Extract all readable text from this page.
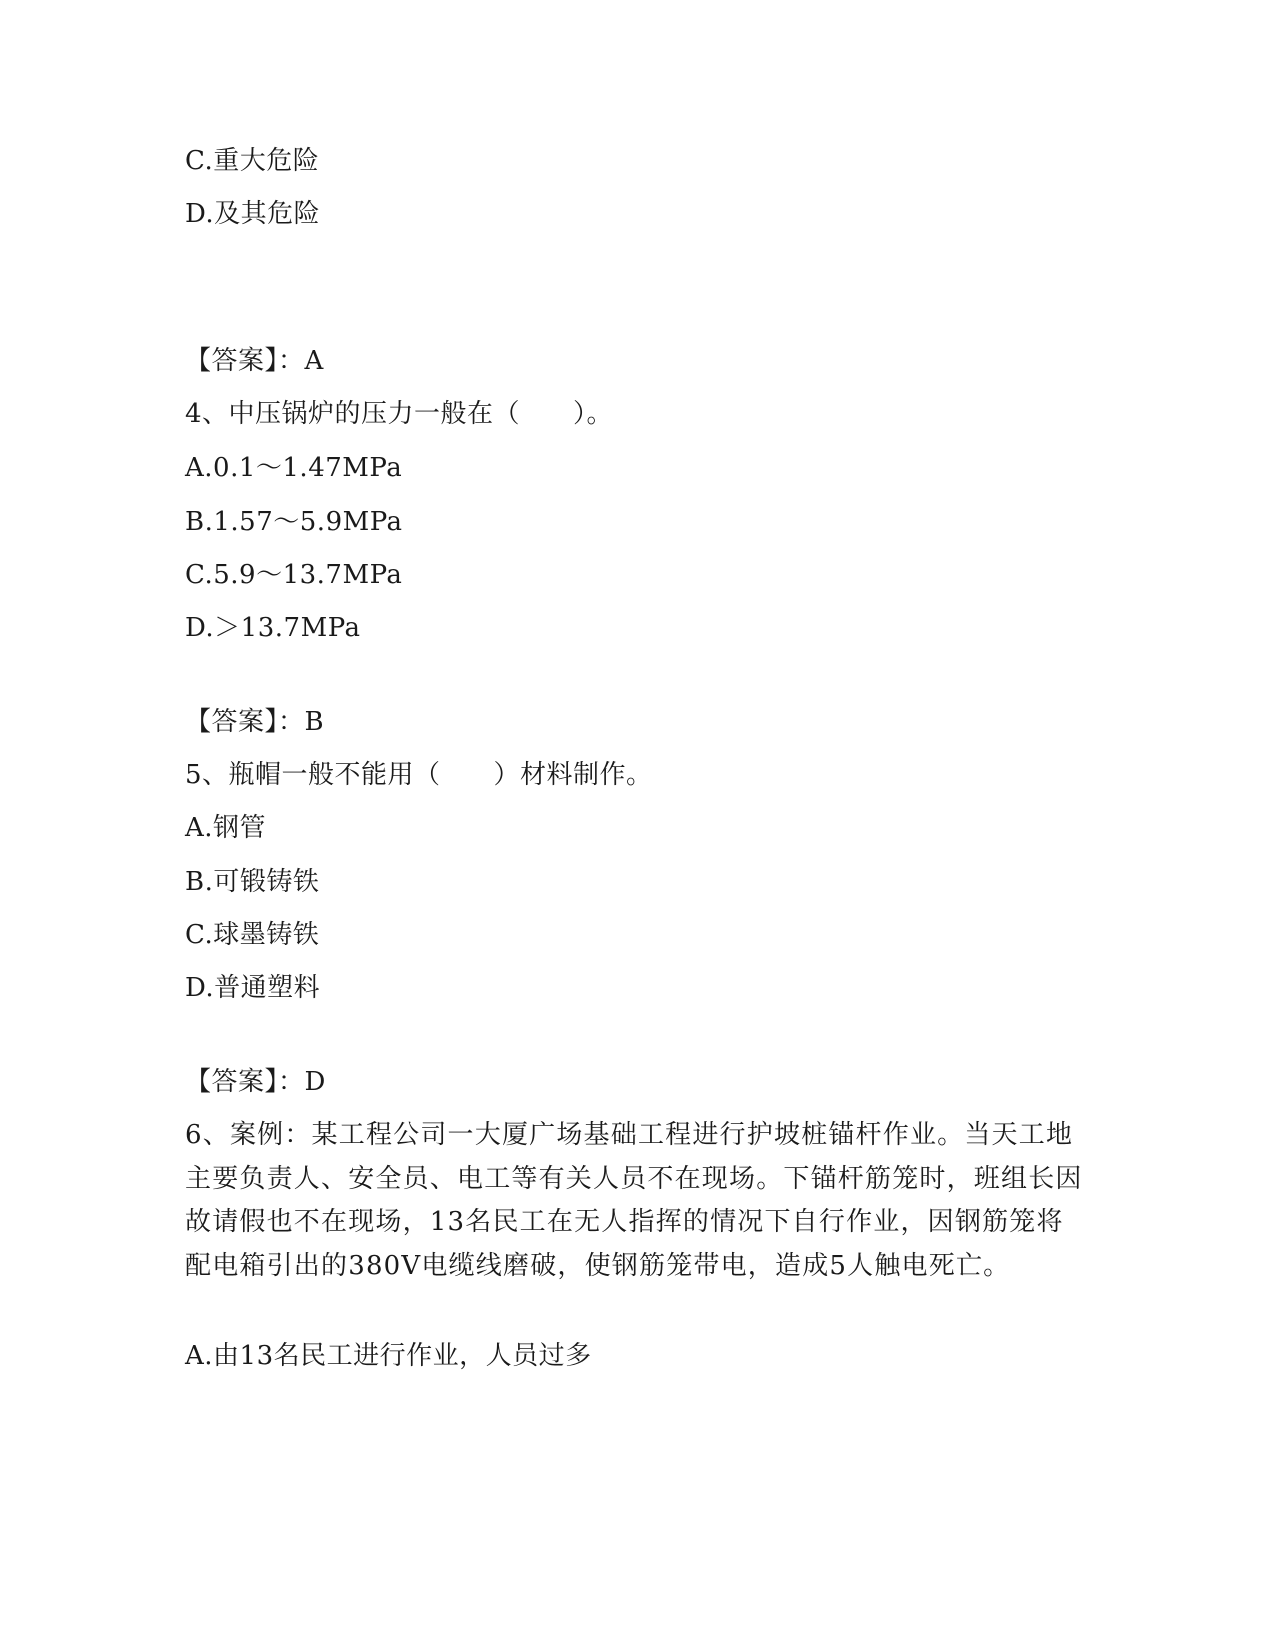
C.重大危险
D.及其危险
【答案】：A
4、中压锅炉的压力一般在（　　）。
A.0.1～1.47MPa
B.1.57～5.9MPa
C.5.9～13.7MPa
D.＞13.7MPa
【答案】：B
5、瓶帽一般不能用（　　）材料制作。
A.钢管
B.可锻铸铁
C.球墨铸铁
D.普通塑料
【答案】：D
6、案例：某工程公司一大厦广场基础工程进行护坡桩锚杆作业。当天工地主要负责人、安全员、电工等有关人员不在现场。下锚杆筋笼时，班组长因故请假也不在现场，13名民工在无人指挥的情况下自行作业，因钢筋笼将配电箱引出的380V电缆线磨破，使钢筋笼带电，造成5人触电死亡。
A.由13名民工进行作业，人员过多
